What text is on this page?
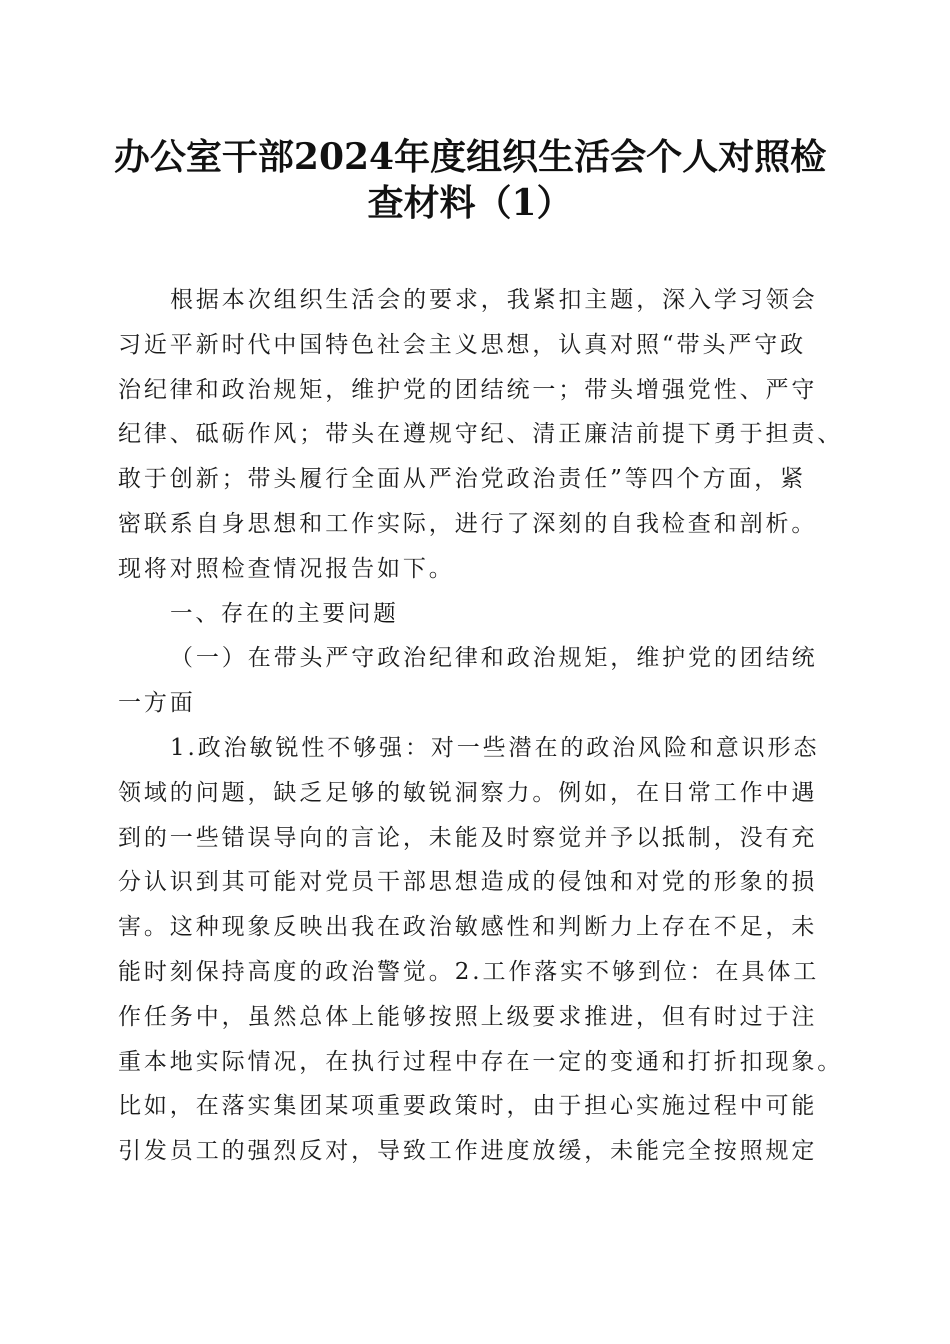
办公室干部2024年度组织生活会个人对照检
查材料（1）
根据本次组织生活会的要求，我紧扣主题，深入学习领会
习近平新时代中国特色社会主义思想，认真对照“带头严守政
治纪律和政治规矩，维护党的团结统一；带头增强党性、严守
纪律、砥砺作风；带头在遵规守纪、清正廉洁前提下勇于担责、
敢于创新；带头履行全面从严治党政治责任”等四个方面，紧
密联系自身思想和工作实际，进行了深刻的自我检查和剖析。
现将对照检查情况报告如下。
一、存在的主要问题
（一）在带头严守政治纪律和政治规矩，维护党的团结统
一方面
1.政治敏锐性不够强：对一些潜在的政治风险和意识形态
领域的问题，缺乏足够的敏锐洞察力。例如，在日常工作中遇
到的一些错误导向的言论，未能及时察觉并予以抵制，没有充
分认识到其可能对党员干部思想造成的侵蚀和对党的形象的损
害。这种现象反映出我在政治敏感性和判断力上存在不足，未
能时刻保持高度的政治警觉。2.工作落实不够到位：在具体工
作任务中，虽然总体上能够按照上级要求推进，但有时过于注
重本地实际情况，在执行过程中存在一定的变通和打折扣现象。
比如，在落实集团某项重要政策时，由于担心实施过程中可能
引发员工的强烈反对，导致工作进度放缓，未能完全按照规定
